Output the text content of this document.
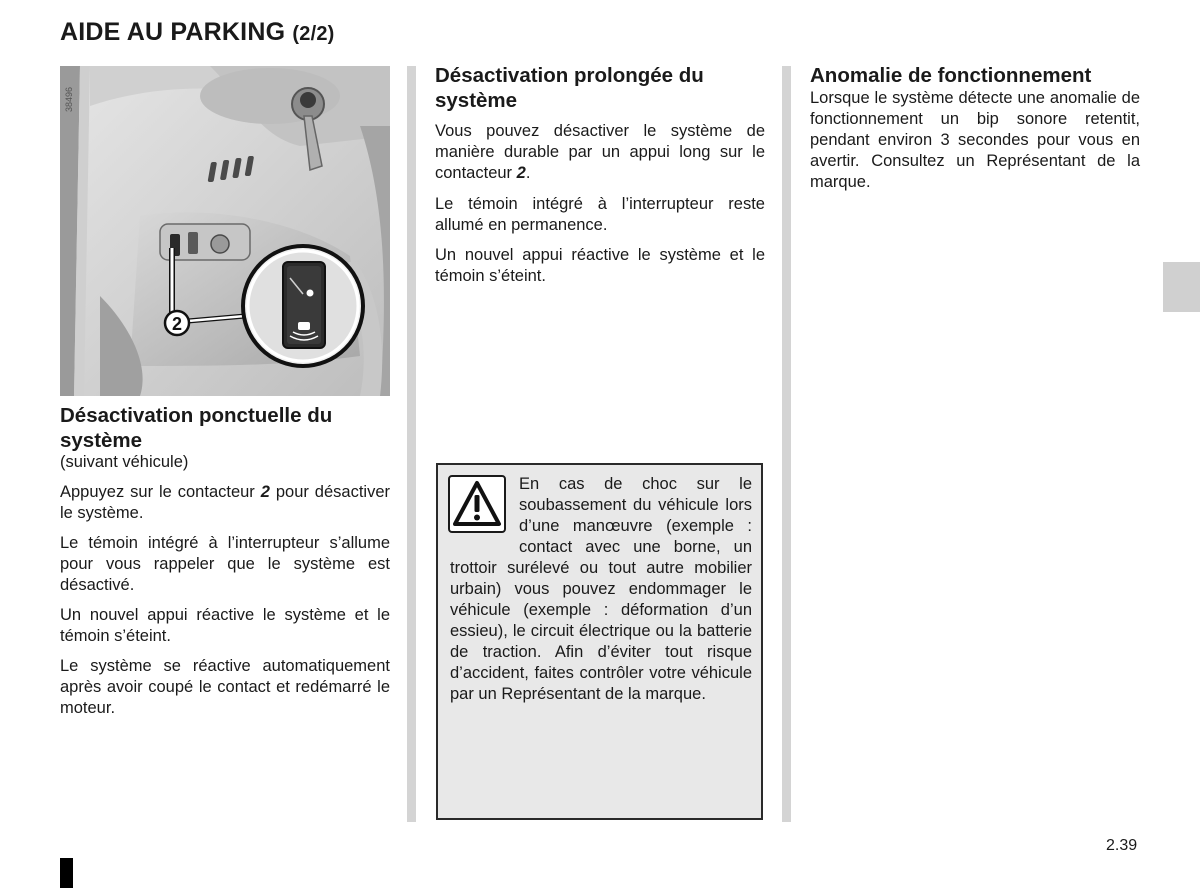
AIDE AU PARKING (2/2)
2
38496
Désactivation ponctuelle du système
(suivant véhicule)
Appuyez sur le contacteur 2 pour désactiver le système.
Le témoin intégré à l’interrupteur s’allume pour vous rappeler que le système est désactivé.
Un nouvel appui réactive le système et le témoin s’éteint.
Le système se réactive automatiquement après avoir coupé le contact et redémarré le moteur.
Désactivation prolongée du système
Vous pouvez désactiver le système de manière durable par un appui long sur le contacteur 2.
Le témoin intégré à l’interrupteur reste allumé en permanence.
Un nouvel appui réactive le système et le témoin s’éteint.
En cas de choc sur le soubassement du véhicule lors d’une manœuvre (exemple : contact avec une borne, un trottoir surélevé ou tout autre mobilier urbain) vous pouvez endommager le véhicule (exemple : déformation d’un essieu), le circuit électrique ou la batterie de traction. Afin d’éviter tout risque d’accident, faites contrôler votre véhicule par un Représentant de la marque.
Anomalie de fonctionnement
Lorsque le système détecte une anomalie de fonctionnement un bip sonore retentit, pendant environ 3 secondes pour vous en avertir. Consultez un Représentant de la marque.
2.39
